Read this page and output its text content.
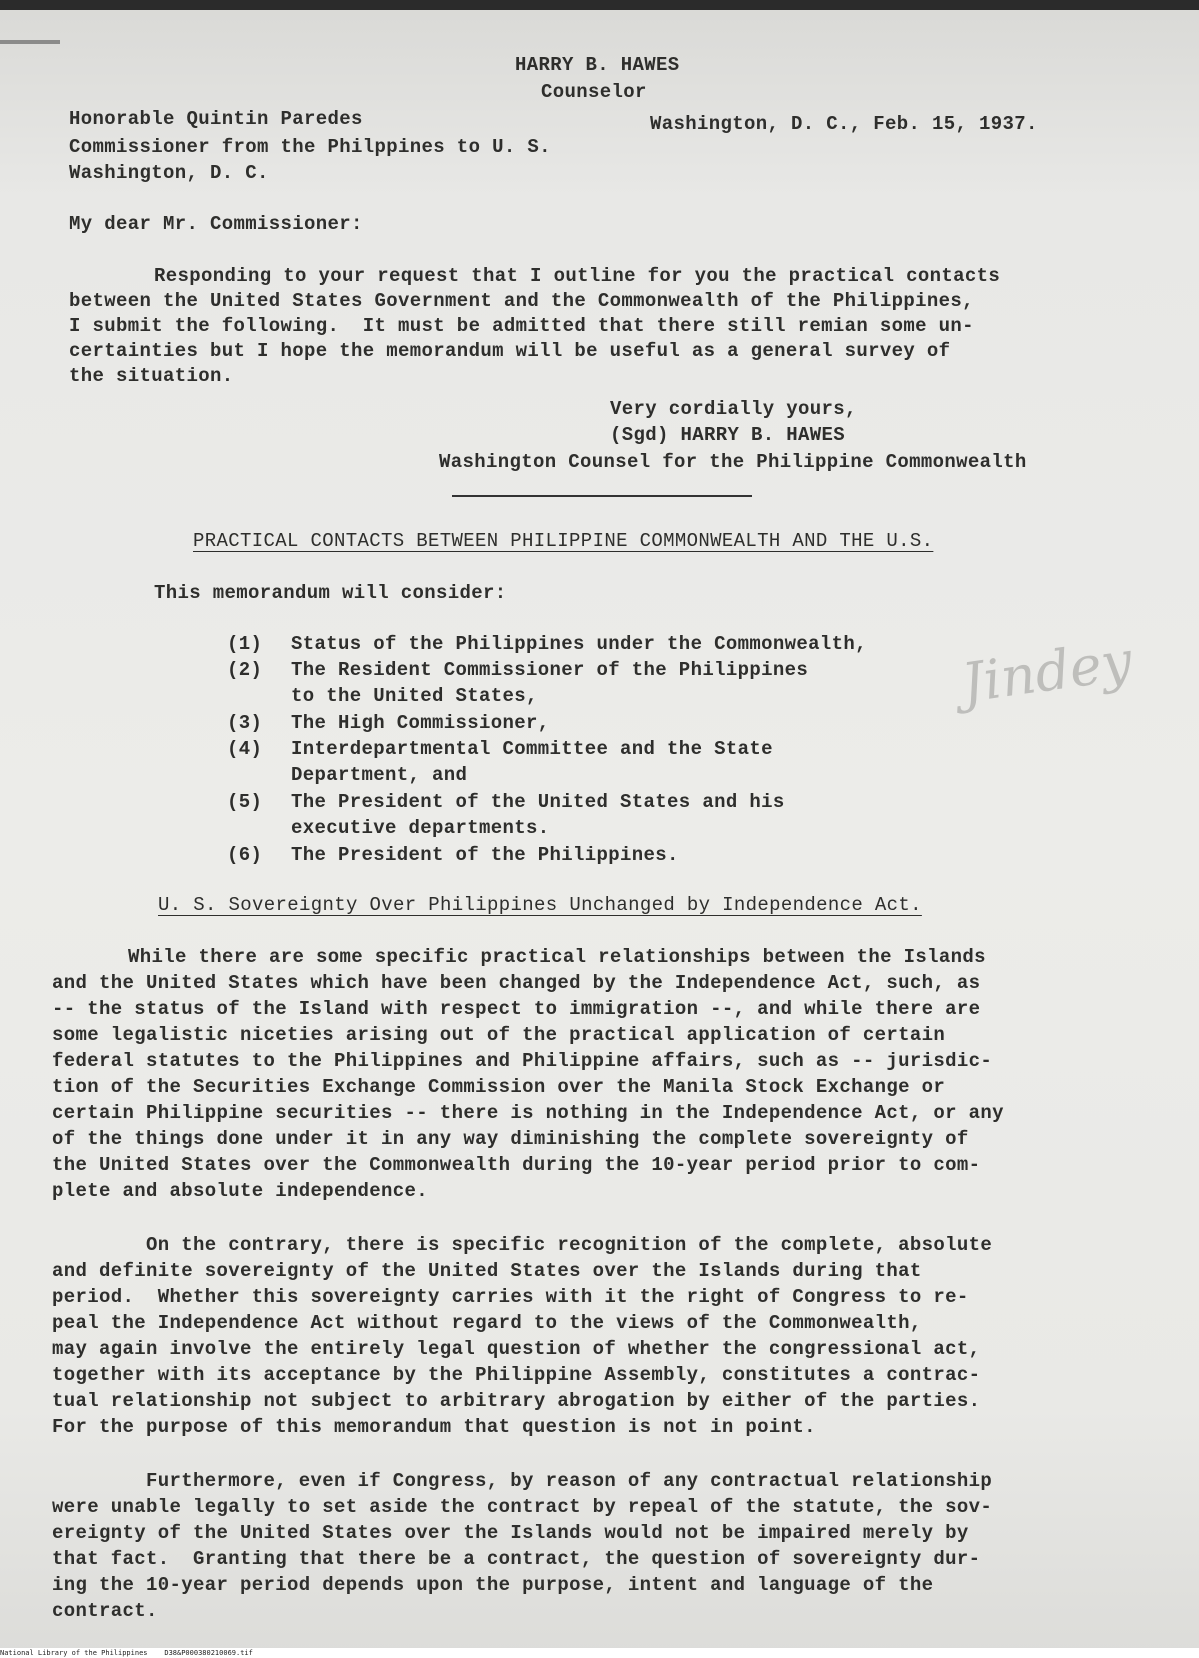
HARRY B. HAWES
Counselor
Honorable Quintin Paredes	Washington, D. C., Feb. 15, 1937.
Commissioner from the Philppines to U. S.
Washington, D. C.
My dear Mr. Commissioner:
Responding to your request that I outline for you the practical contacts
between the United States Government and the Commonwealth of the Philippines,
I submit the following.  It must be admitted that there still remian some un-
certainties but I hope the memorandum will be useful as a general survey of
the situation.
Very cordially yours,
(Sgd) HARRY B. HAWES
Washington Counsel for the Philippine Commonwealth
PRACTICAL CONTACTS BETWEEN PHILIPPINE COMMONWEALTH AND THE U.S.
This memorandum will consider:
(1) Status of the Philippines under the Commonwealth,
(2) The Resident Commissioner of the Philippines
to the United States,
(3) The High Commissioner,
(4) Interdepartmental Committee and the State
Department, and
(5) The President of the United States and his
executive departments.
(6) The President of the Philippines.
U. S. Sovereignty Over Philippines Unchanged by Independence Act.
While there are some specific practical relationships between the Islands
and the United States which have been changed by the Independence Act, such, as
-- the status of the Island with respect to immigration --, and while there are
some legalistic niceties arising out of the practical application of certain
federal statutes to the Philippines and Philippine affairs, such as -- jurisdic-
tion of the Securities Exchange Commission over the Manila Stock Exchange or
certain Philippine securities -- there is nothing in the Independence Act, or any
of the things done under it in any way diminishing the complete sovereignty of
the United States over the Commonwealth during the 10-year period prior to com-
plete and absolute independence.
On the contrary, there is specific recognition of the complete, absolute
and definite sovereignty of the United States over the Islands during that
period.  Whether this sovereignty carries with it the right of Congress to re-
peal the Independence Act without regard to the views of the Commonwealth,
may again involve the entirely legal question of whether the congressional act,
together with its acceptance by the Philippine Assembly, constitutes a contrac-
tual relationship not subject to arbitrary abrogation by either of the parties.
For the purpose of this memorandum that question is not in point.
Furthermore, even if Congress, by reason of any contractual relationship
were unable legally to set aside the contract by repeal of the statute, the sov-
ereignty of the United States over the Islands would not be impaired merely by
that fact.  Granting that there be a contract, the question of sovereignty dur-
ing the 10-year period depends upon the purpose, intent and language of the
contract.
Jindey
National Library of the Philippines    D38&P000380210069.tif
